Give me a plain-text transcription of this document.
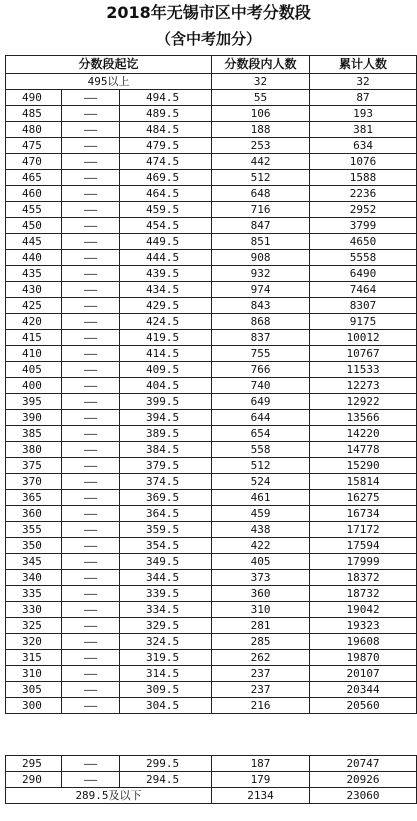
2018年无锡市区中考分数段
（含中考加分）
分数段起讫			分数段内人数	累计人数
495以上			32	32
490	——	494.5	55	87
485	——	489.5	106	193
480	——	484.5	188	381
475	——	479.5	253	634
470	——	474.5	442	1076
465	——	469.5	512	1588
460	——	464.5	648	2236
455	——	459.5	716	2952
450	——	454.5	847	3799
445	——	449.5	851	4650
440	——	444.5	908	5558
435	——	439.5	932	6490
430	——	434.5	974	7464
425	——	429.5	843	8307
420	——	424.5	868	9175
415	——	419.5	837	10012
410	——	414.5	755	10767
405	——	409.5	766	11533
400	——	404.5	740	12273
395	——	399.5	649	12922
390	——	394.5	644	13566
385	——	389.5	654	14220
380	——	384.5	558	14778
375	——	379.5	512	15290
370	——	374.5	524	15814
365	——	369.5	461	16275
360	——	364.5	459	16734
355	——	359.5	438	17172
350	——	354.5	422	17594
345	——	349.5	405	17999
340	——	344.5	373	18372
335	——	339.5	360	18732
330	——	334.5	310	19042
325	——	329.5	281	19323
320	——	324.5	285	19608
315	——	319.5	262	19870
310	——	314.5	237	20107
305	——	309.5	237	20344
300	——	304.5	216	20560
295	——	299.5	187	20747
290	——	294.5	179	20926
289.5及以下			2134	23060
